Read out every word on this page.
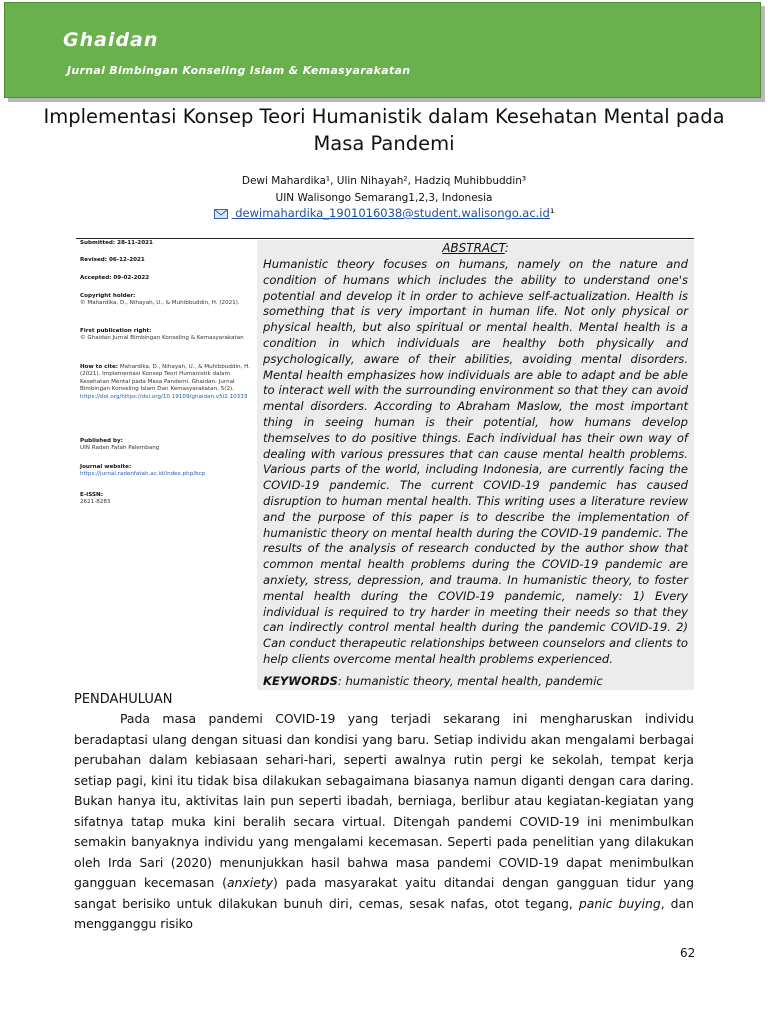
Ghaidan
Jurnal Bimbingan Konseling Islam & Kemasyarakatan
Implementasi Konsep Teori Humanistik dalam Kesehatan Mental pada Masa Pandemi
Dewi Mahardika¹, Ulin Nihayah², Hadziq Muhibbuddin³
UIN Walisongo Semarang1,2,3, Indonesia
dewimahardika_1901016038@student.walisongo.ac.id¹
Submitted: 28-11-2021
Revised: 06-12-2021
Accepted: 09-02-2022
Copyright holder:
© Mahardika, D., Nihayah, U., & Muhibbuddin, H. (2021).
First publication right:
© Ghaidan Jurnal Bimbingan Konseling & Kemasyarakatan
How to cite: Mahardika, D., Nihayah, U., & Muhibbuddin, H. (2021). Implementasi Konsep Teori Humanistik dalam Kesehatan Mental pada Masa Pandemi. Ghaidan: Jurnal Bimbingan Konseling Islam Dan Kemasyarakatan, 5(2). https://doi.org/https://doi.org/10.19109/ghaidan.v5i2.10333
Published by:
UIN Raden Fatah Palembang
Journal website:
https://jurnal.radenfatah.ac.id/index.php/bcp
E-ISSN:
2621-8283
ABSTRACT:
Humanistic theory focuses on humans, namely on the nature and condition of humans which includes the ability to understand one's potential and develop it in order to achieve self-actualization. Health is something that is very important in human life. Not only physical or physical health, but also spiritual or mental health. Mental health is a condition in which individuals are healthy both physically and psychologically, aware of their abilities, avoiding mental disorders. Mental health emphasizes how individuals are able to adapt and be able to interact well with the surrounding environment so that they can avoid mental disorders. According to Abraham Maslow, the most important thing in seeing human is their potential, how humans develop themselves to do positive things. Each individual has their own way of dealing with various pressures that can cause mental health problems. Various parts of the world, including Indonesia, are currently facing the COVID-19 pandemic. The current COVID-19 pandemic has caused disruption to human mental health. This writing uses a literature review and the purpose of this paper is to describe the implementation of humanistic theory on mental health during the COVID-19 pandemic. The results of the analysis of research conducted by the author show that common mental health problems during the COVID-19 pandemic are anxiety, stress, depression, and trauma. In humanistic theory, to foster mental health during the COVID-19 pandemic, namely: 1) Every individual is required to try harder in meeting their needs so that they can indirectly control mental health during the pandemic COVID-19. 2) Can conduct therapeutic relationships between counselors and clients to help clients overcome mental health problems experienced.
KEYWORDS: humanistic theory, mental health, pandemic
PENDAHULUAN

Pada masa pandemi COVID-19 yang terjadi sekarang ini mengharuskan individu beradaptasi ulang dengan situasi dan kondisi yang baru. Setiap individu akan mengalami berbagai perubahan dalam kebiasaan sehari-hari, seperti awalnya rutin pergi ke sekolah, tempat kerja setiap pagi, kini itu tidak bisa dilakukan sebagaimana biasanya namun diganti dengan cara daring. Bukan hanya itu, aktivitas lain pun seperti ibadah, berniaga, berlibur atau kegiatan-kegiatan yang sifatnya tatap muka kini beralih secara virtual. Ditengah pandemi COVID-19 ini menimbulkan semakin banyaknya individu yang mengalami kecemasan. Seperti pada penelitian yang dilakukan oleh Irda Sari (2020) menunjukkan hasil bahwa masa pandemi COVID-19 dapat menimbulkan gangguan kecemasan (anxiety) pada masyarakat yaitu ditandai dengan gangguan tidur yang sangat berisiko untuk dilakukan bunuh diri, cemas, sesak nafas, otot tegang, panic buying, dan mengganggu risiko

62
